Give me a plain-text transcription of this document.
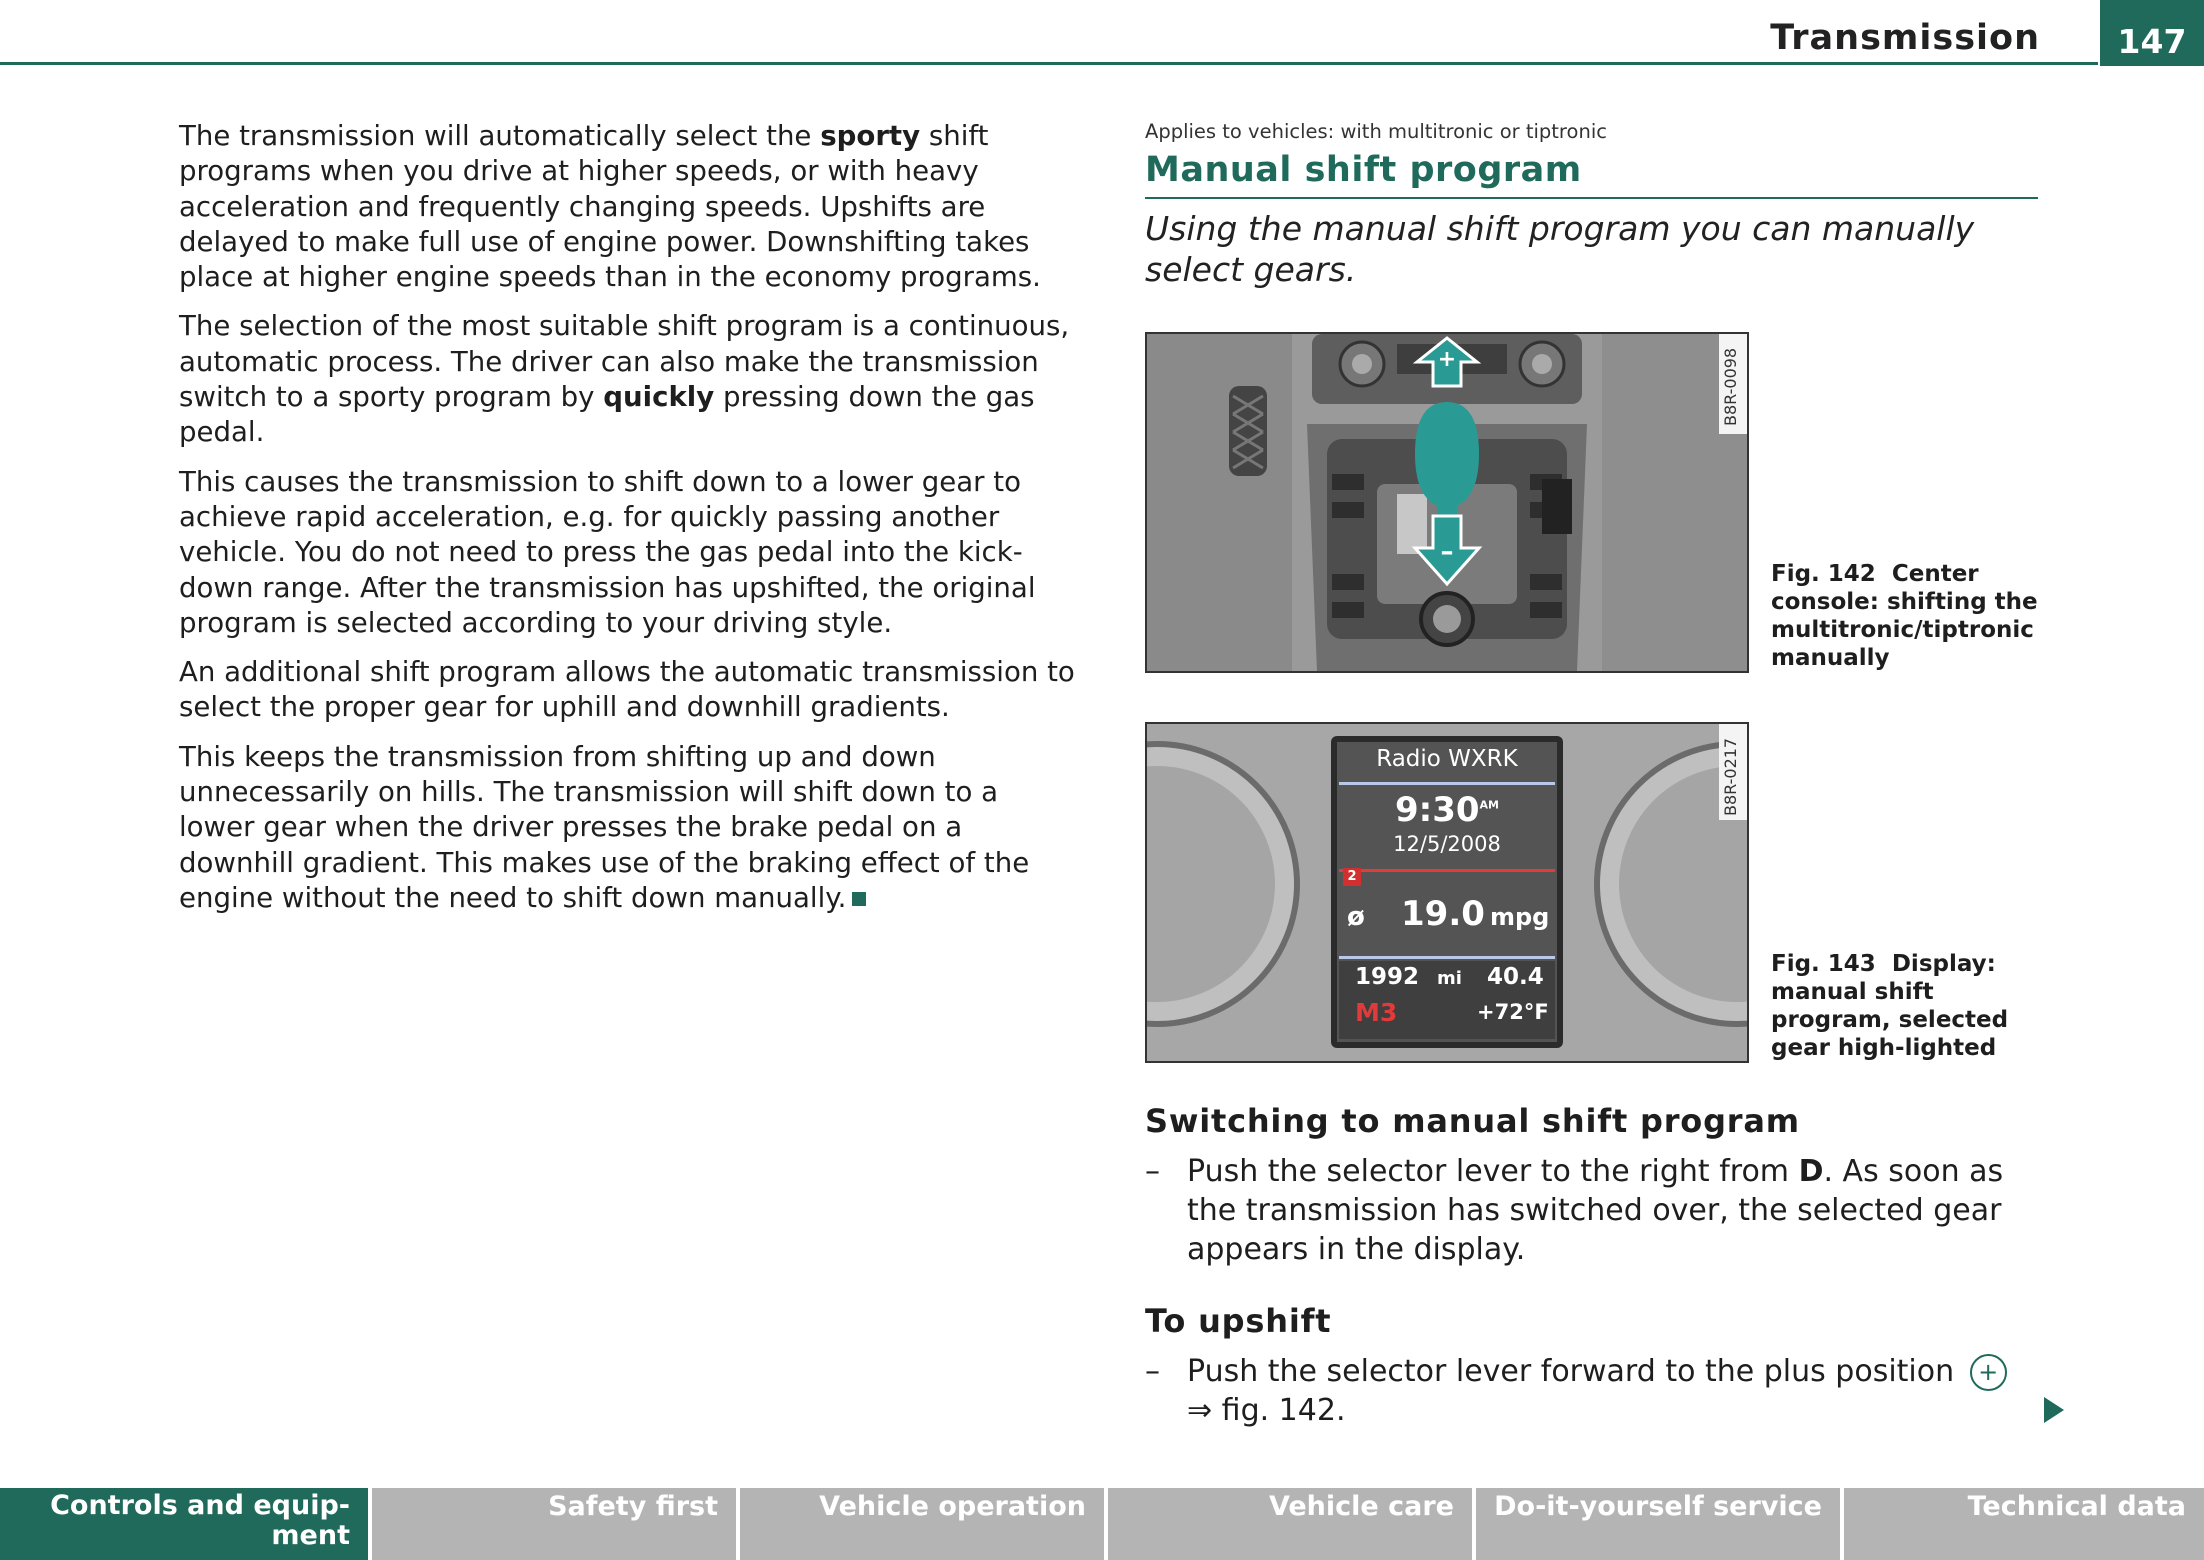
Transmission	147

The transmission will automatically select the sporty shift programs when you drive at higher speeds, or with heavy acceleration and frequently changing speeds. Upshifts are delayed to make full use of engine power. Downshifting takes place at higher engine speeds than in the economy programs.

The selection of the most suitable shift program is a continuous, automatic process. The driver can also make the transmission switch to a sporty program by quickly pressing down the gas pedal.

This causes the transmission to shift down to a lower gear to achieve rapid acceleration, e.g. for quickly passing another vehicle. You do not need to press the gas pedal into the kick-down range. After the transmission has upshifted, the original program is selected according to your driving style.

An additional shift program allows the automatic transmission to select the proper gear for uphill and downhill gradients.

This keeps the transmission from shifting up and down unnecessarily on hills. The transmission will shift down to a lower gear when the driver presses the brake pedal on a downhill gradient. This makes use of the braking effect of the engine without the need to shift down manually.

Applies to vehicles: with multitronic or tiptronic
Manual shift program
Using the manual shift program you can manually select gears.
+
–
B8R-0098
Fig. 142 Center console: shifting the multitronic/tiptronic manually
Radio WXRK
$9:30^{AM}$
12/5/2008
2
ø 19.0 mpg
1992 mi 40.4
M3	+72°F
B8R-0217
Fig. 143 Display: manual shift program, selected gear high-lighted
Switching to manual shift program
– Push the selector lever to the right from D. As soon as the transmission has switched over, the selected gear appears in the display.
To upshift
– Push the selector lever forward to the plus position +
⇒ fig. 142.
Controls and equip-
ment
Safety first	Vehicle operation	Vehicle care Do-it-yourself service	Technical data
